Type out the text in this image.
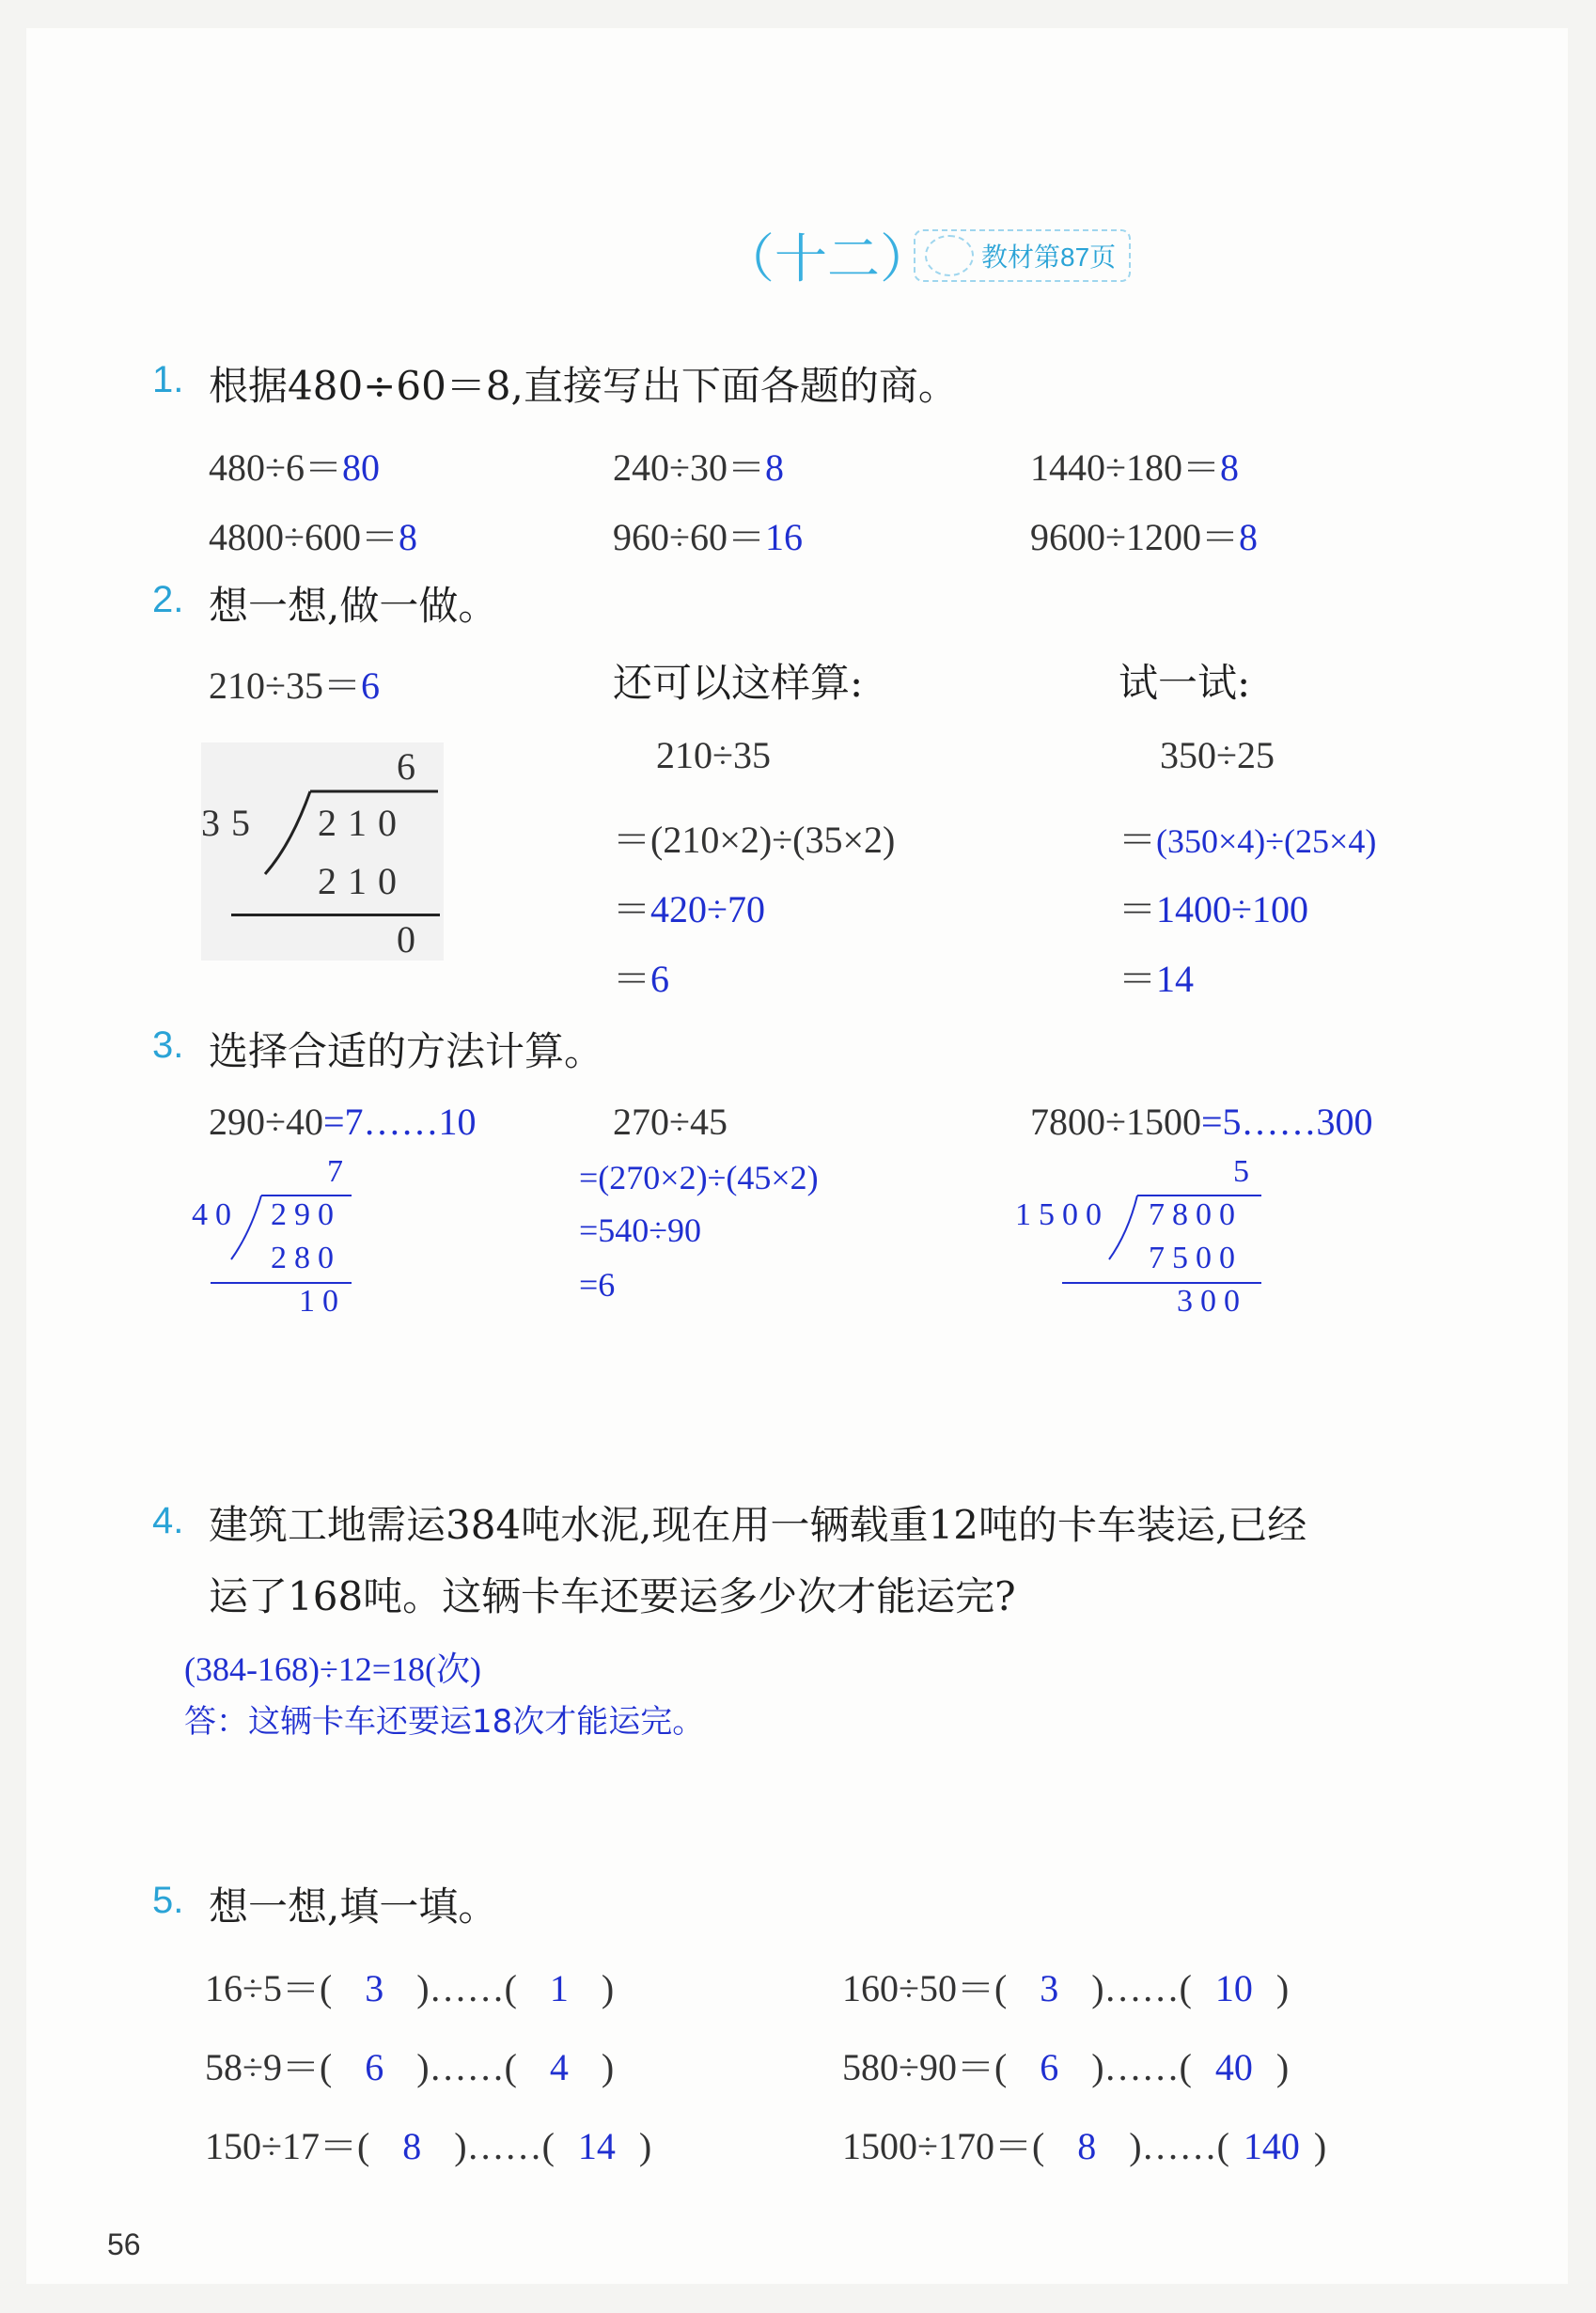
（十二）	教材第87页
1. 根据480÷60＝8,直接写出下面各题的商。
480÷6＝80	240÷30＝8	1440÷180＝8
4800÷600＝8	960÷60＝16	9600÷1200＝8
2. 想一想,做一做。
210÷35＝6
6
35 210
210
0
还可以这样算:
210÷35
＝(210×2)÷(35×2)
＝420÷70
＝6
试一试:
350÷25
＝(350×4)÷(25×4)
＝1400÷100
＝14
3. 选择合适的方法计算。
290÷40=7……10
7
40 290
280
10
270÷45
=(270×2)÷(45×2)
=540÷90
=6
7800÷1500=5……300
5
1500 7800
7500
300
4. 建筑工地需运384吨水泥,现在用一辆载重12吨的卡车装运,已经
运了168吨。这辆卡车还要运多少次才能运完?
(384-168)÷12=18(次)
答：这辆卡车还要运18次才能运完。
5. 想一想,填一填。
16÷5＝( 3 )……( 1 )	160÷50＝( 3 )……( 10 )
58÷9＝( 6 )……( 4 )	580÷90＝( 6 )……( 40 )
150÷17＝( 8 )……( 14 )	1500÷170＝( 8 )……( 140 )
56
